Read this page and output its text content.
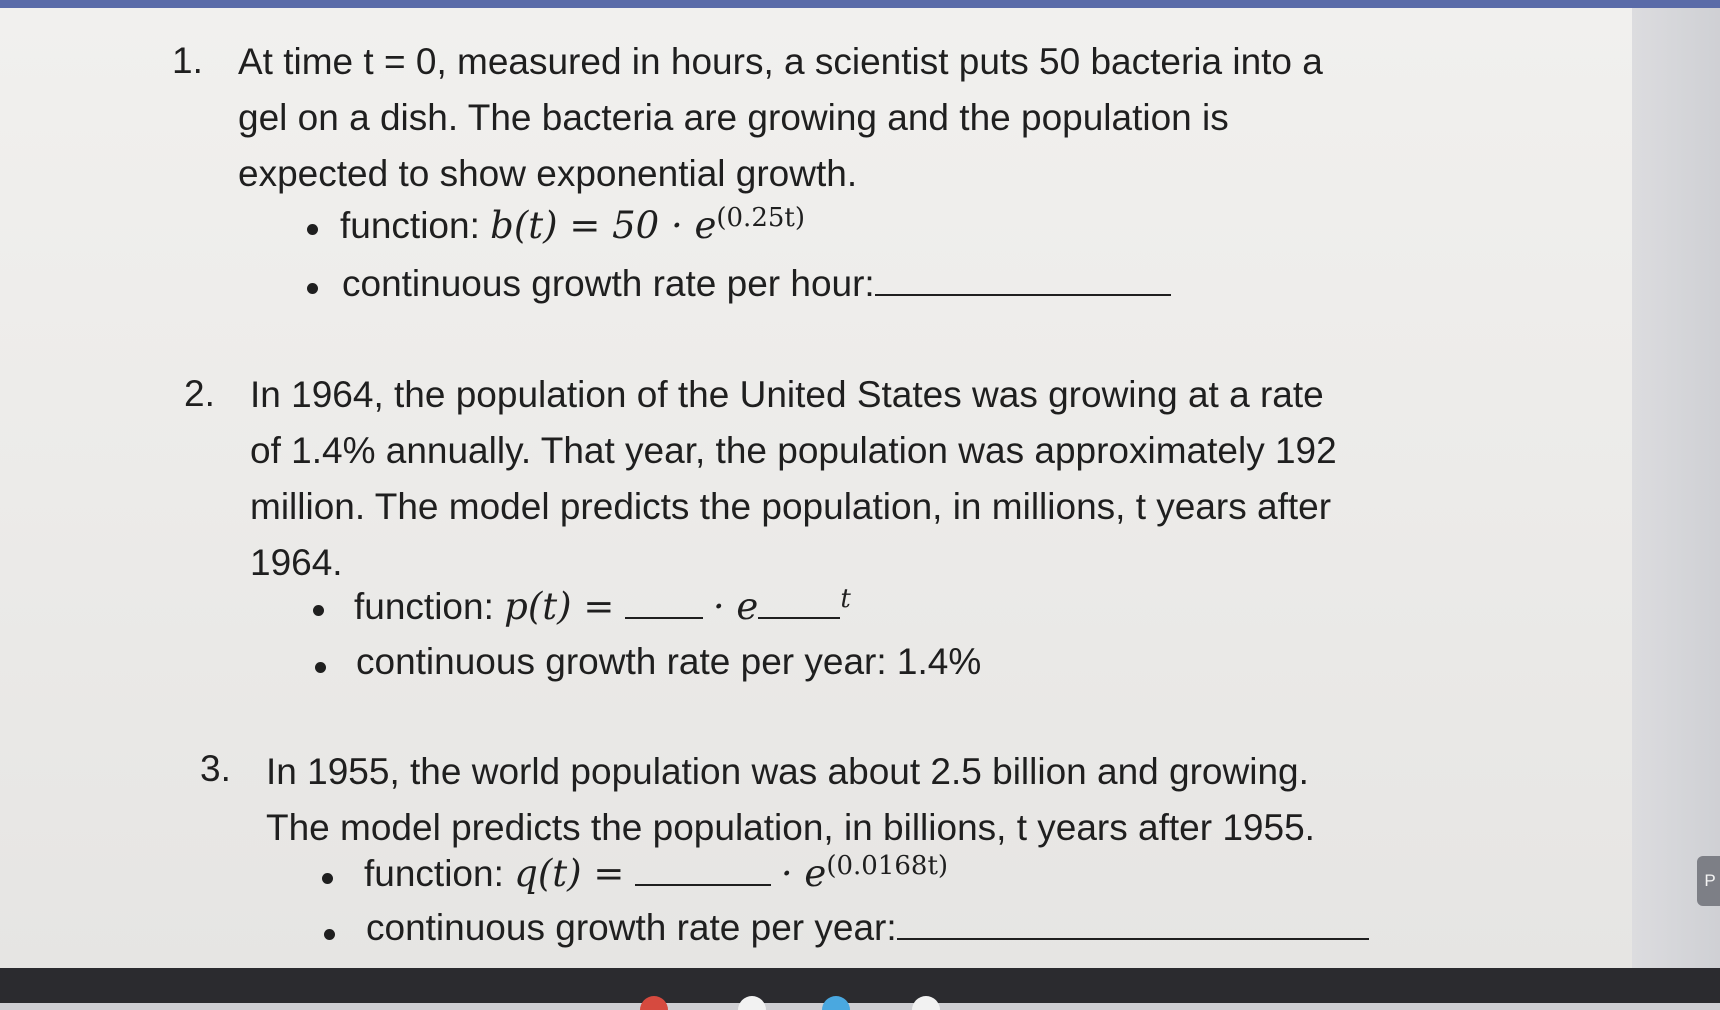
P
1. At time t = 0, measured in hours, a scientist puts 50 bacteria into a
gel on a dish. The bacteria are growing and the population is
expected to show exponential growth.
function: $b(t) = 50 \cdot e^{(0.25t)}$
continuous growth rate per hour:
2. In 1964, the population of the United States was growing at a rate
of 1.4% annually. That year, the population was approximately 192
million. The model predicts the population, in millions, t years after
1964.
function: p(t) =	· e	$^t$
continuous growth rate per year: 1.4%
3. In 1955, the world population was about 2.5 billion and growing.
The model predicts the population, in billions, t years after 1955.
function: q(t) =	· $e^{(0.0168t)}$
continuous growth rate per year:
